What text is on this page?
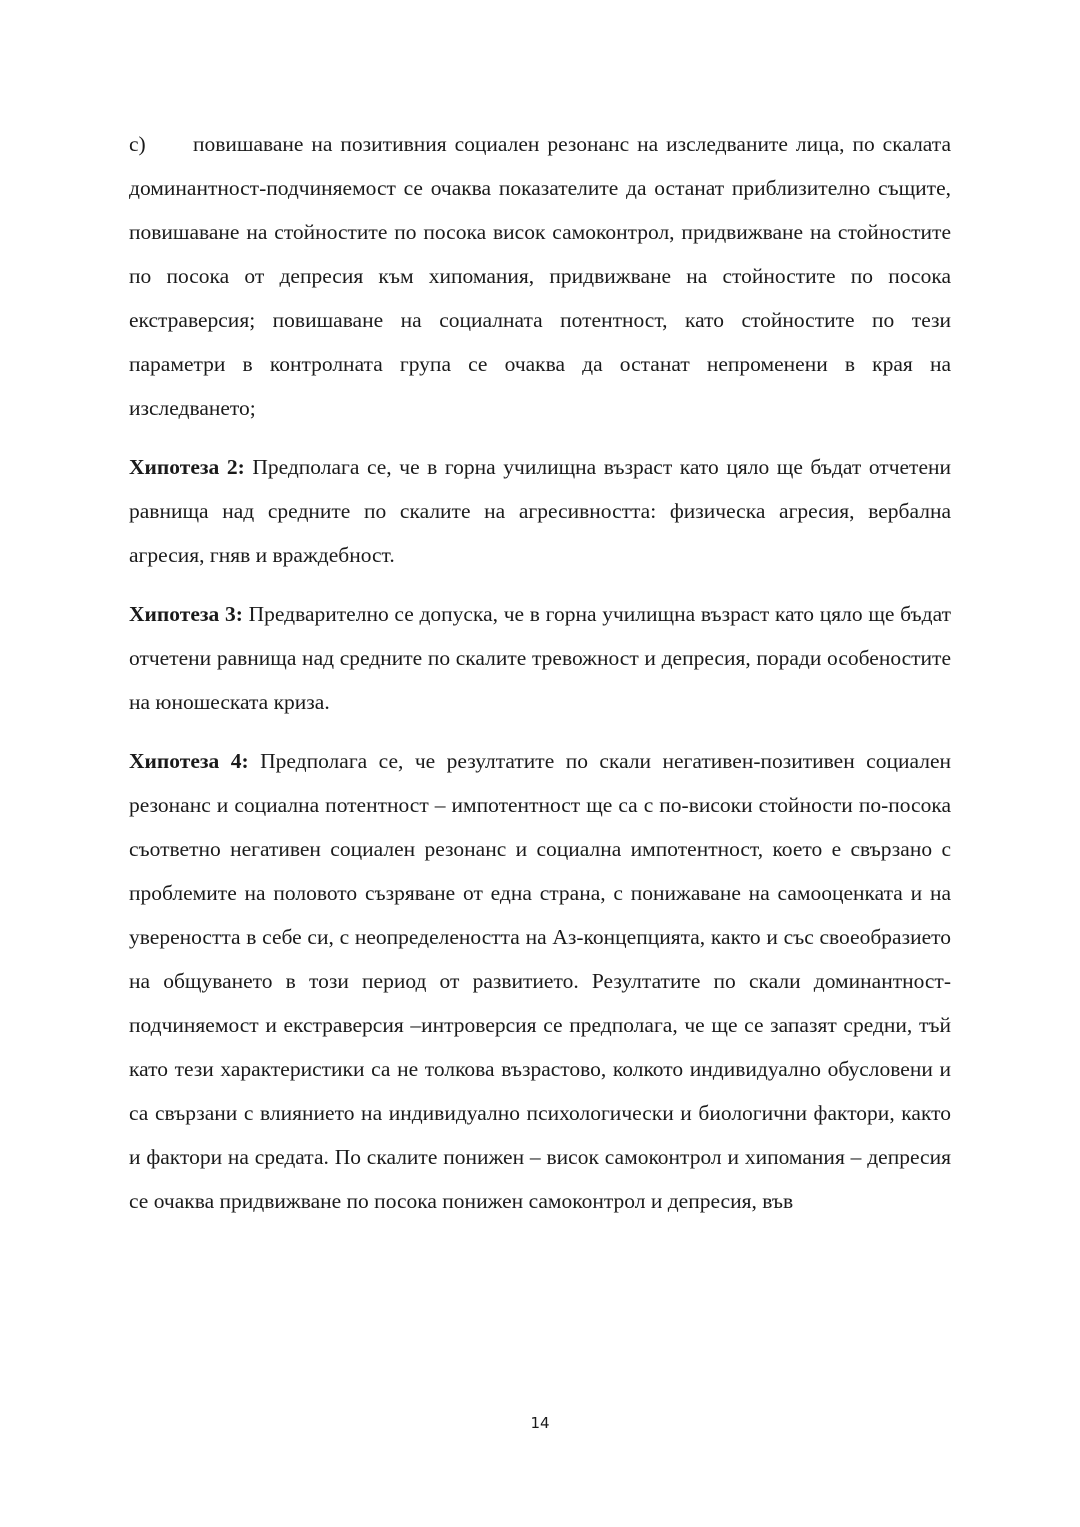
c) повишаване на позитивния социален резонанс на изследваните лица, по скалата доминантност-подчиняемост се очаква показателите да останат приблизително същите, повишаване на стойностите по посока висок самоконтрол, придвижване на стойностите по посока от депресия към хипомания, придвижване на стойностите по посока екстраверсия; повишаване на социалната потентност, като стойностите по тези параметри в контролната група се очаква да останат непроменени в края на изследването;

Хипотеза 2: Предполага се, че в горна училищна възраст като цяло ще бъдат отчетени равнища над средните по скалите на агресивността: физическа агресия, вербална агресия, гняв и враждебност.

Хипотеза 3: Предварително се допуска, че в горна училищна възраст като цяло ще бъдат отчетени равнища над средните по скалите тревожност и депресия, поради особеностите на юношеската криза.

Хипотеза 4: Предполага се, че резултатите по скали негативен-позитивен социален резонанс и социална потентност – импотентност ще са с по-високи стойности по-посока съответно негативен социален резонанс и социална импотентност, което е свързано с проблемите на половото съзряване от една страна, с понижаване на самооценката и на увереността в себе си, с неопределеността на Аз-концепцията, както и със своеобразието на общуването в този период от развитието. Резултатите по скали доминантност-подчиняемост и екстраверсия –интроверсия се предполага, че ще се запазят средни, тъй като тези характеристики са не толкова възрастово, колкото индивидуално обусловени и са свързани с влиянието на индивидуално психологически и биологични фактори, както и фактори на средата. По скалите понижен – висок самоконтрол и хипомания – депресия се очаква придвижване по посока понижен самоконтрол и депресия, във

14
